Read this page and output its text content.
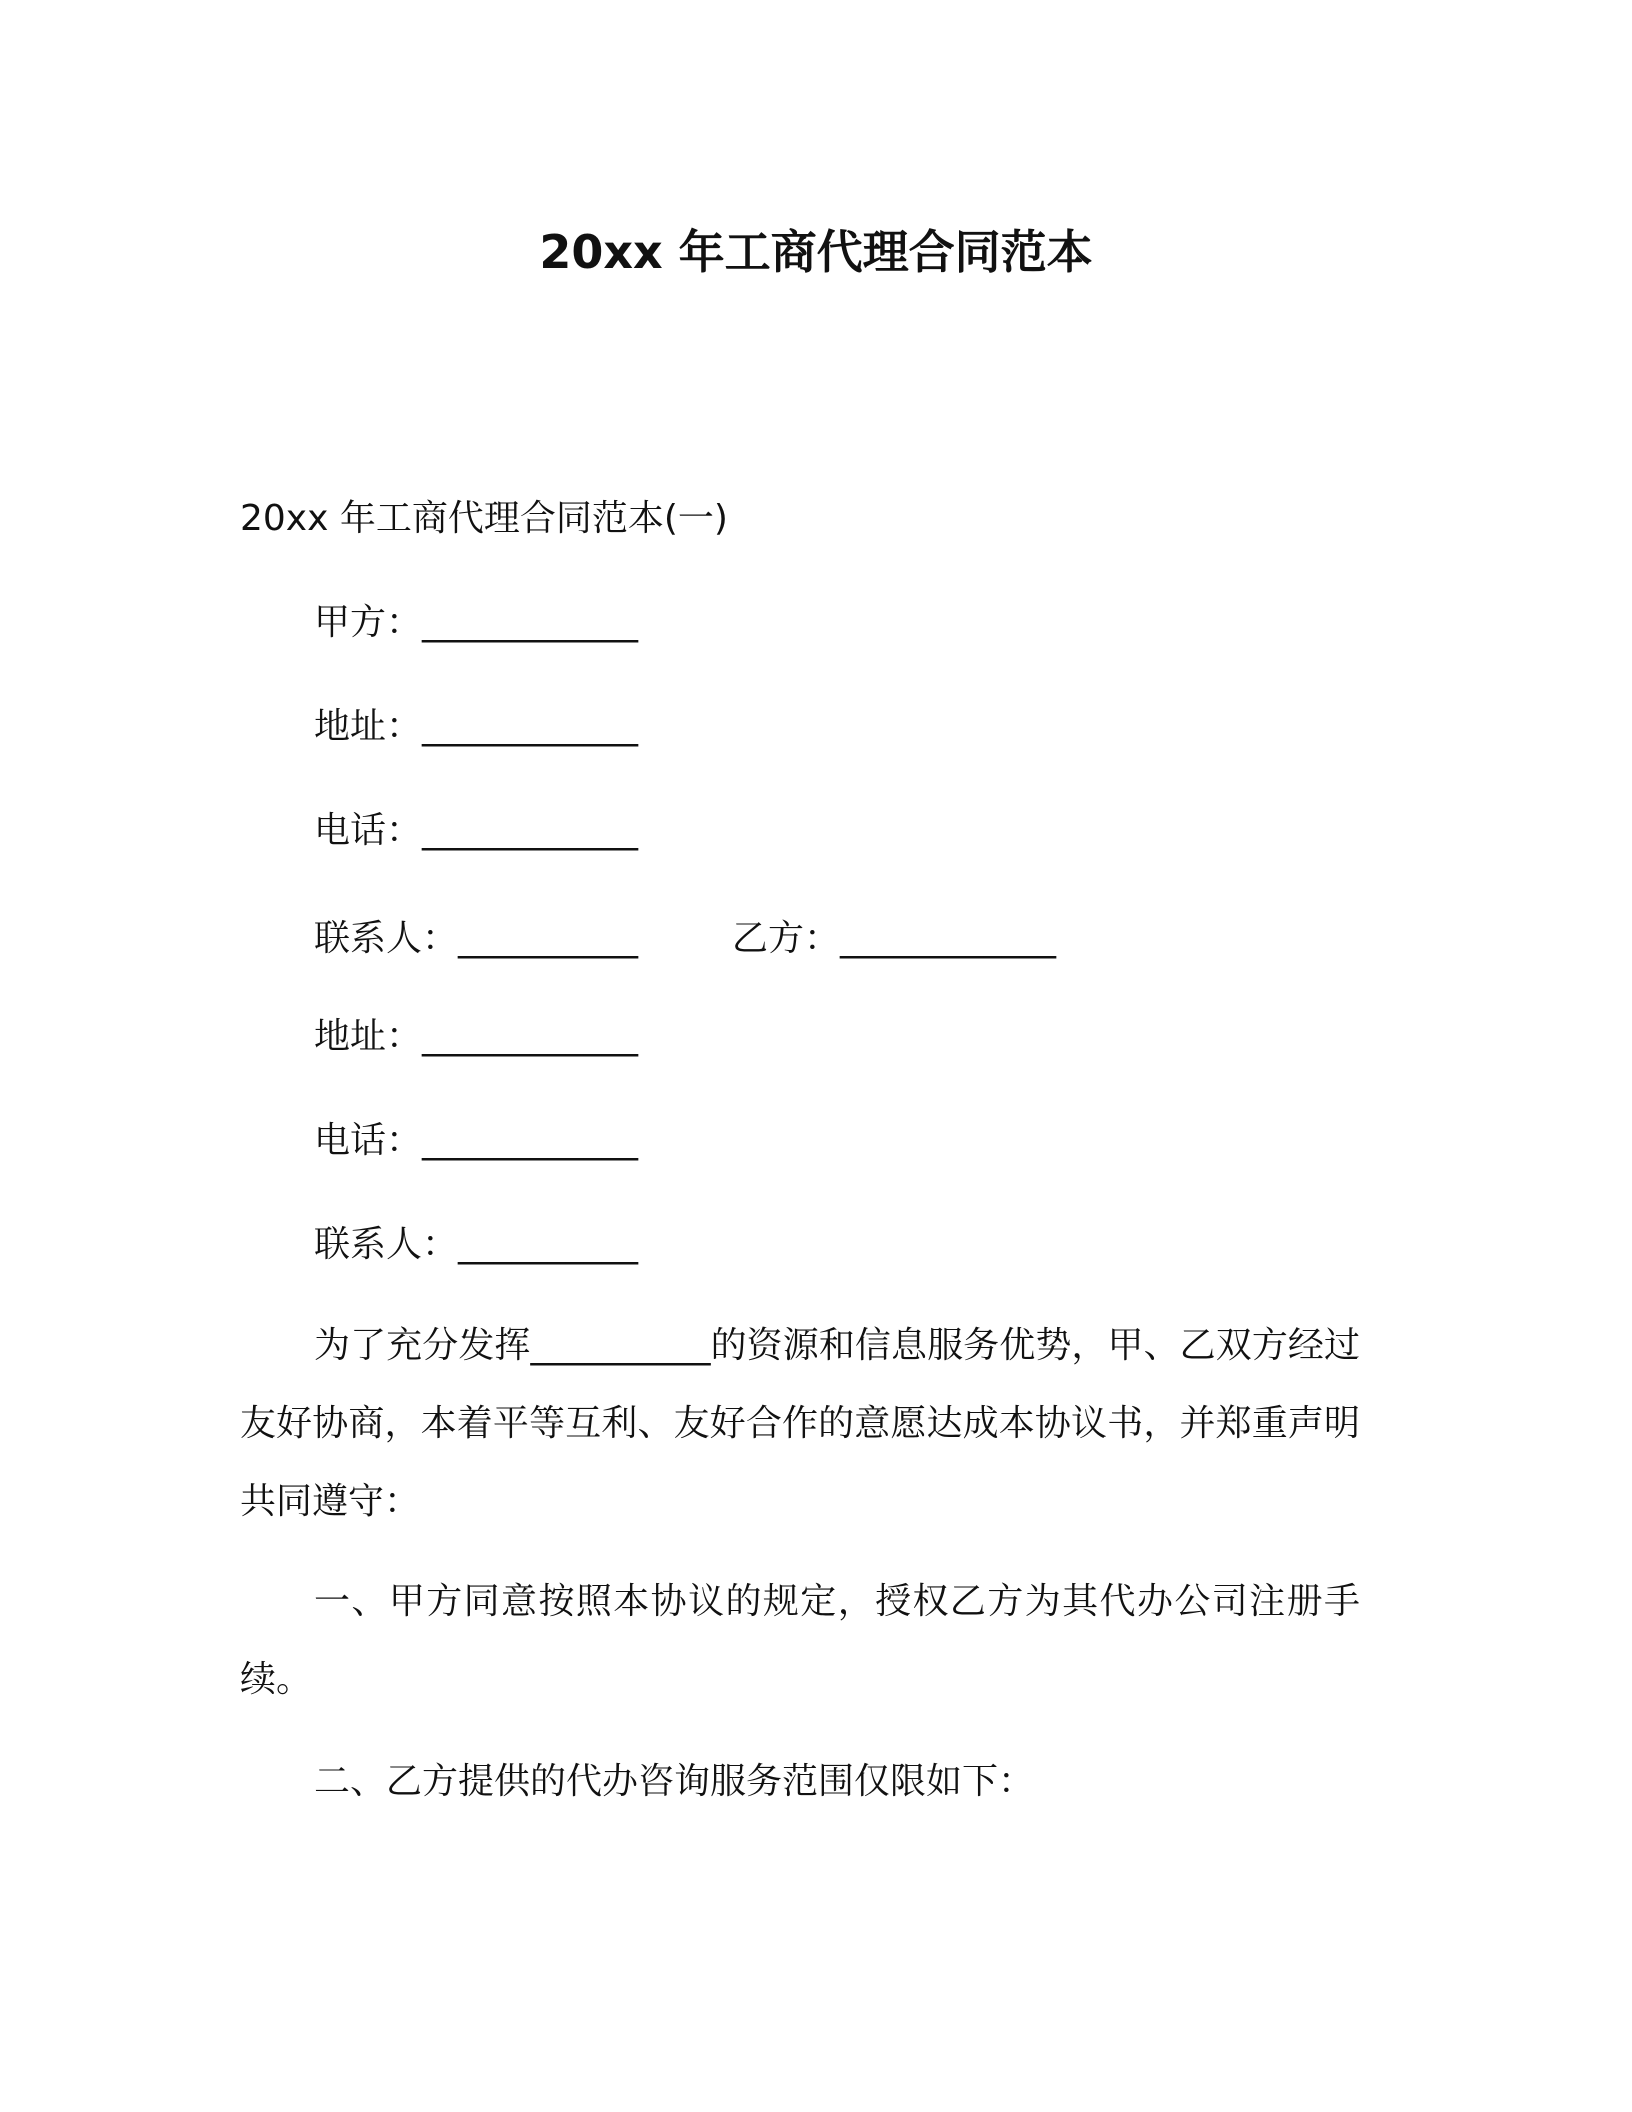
20xx 年工商代理合同范本
20xx 年工商代理合同范本(一)
甲方：____________
地址：____________
电话：____________
联系人：__________	乙方：____________
地址：____________
电话：____________
联系人：__________

为了充分发挥__________的资源和信息服务优势，甲、乙双方经过友好协商，本着平等互利、友好合作的意愿达成本协议书，并郑重声明共同遵守：

一、甲方同意按照本协议的规定，授权乙方为其代办公司注册手续。

二、乙方提供的代办咨询服务范围仅限如下：
